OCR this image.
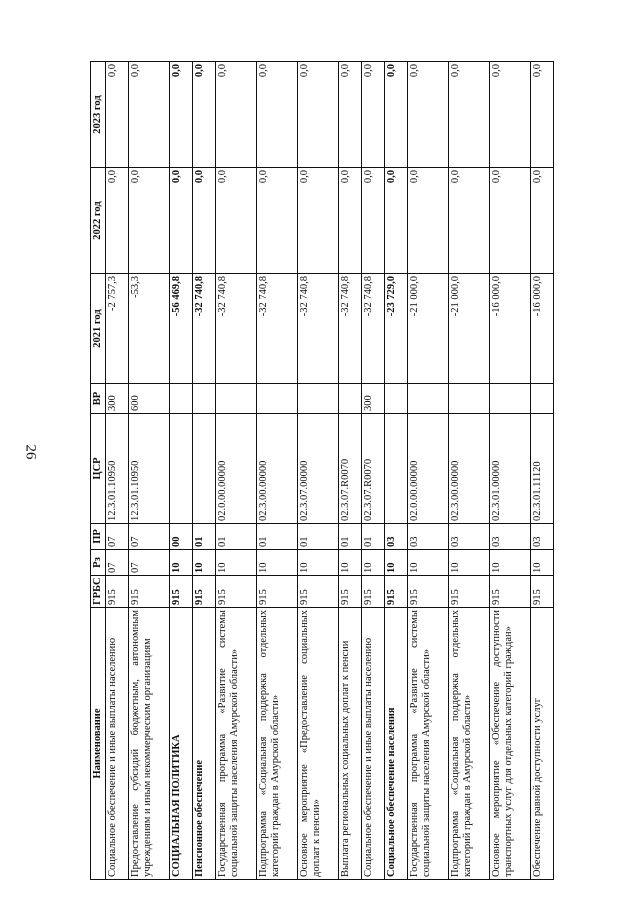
26
Наименование	ГРБС	Рз	ПР	ЦСР	ВР	2021 год	2022 год	2023 год
Социальное обеспечение и иные выплаты населению	915	07	07	12.3.01.10950	300	-2 757,3	0,0	0,0
Предоставление субсидий бюджетным, автономным учреждениям и иным некоммерческим организациям	915	07	07	12.3.01.10950	600	-53,3	0,0	0,0
СОЦИАЛЬНАЯ ПОЛИТИКА	915	10	00			-56 469,8	0,0	0,0
Пенсионное обеспечение	915	10	01			-32 740,8	0,0	0,0
Государственная программа «Развитие системы социальной защиты населения Амурской области»	915	10	01	02.0.00.00000		-32 740,8	0,0	0,0
Подпрограмма «Социальная поддержка отдельных категорий граждан в Амурской области»	915	10	01	02.3.00.00000		-32 740,8	0,0	0,0
Основное мероприятие «Предоставление социальных доплат к пенсии»	915	10	01	02.3.07.00000		-32 740,8	0,0	0,0
Выплата региональных социальных доплат к пенсии	915	10	01	02.3.07.R0070		-32 740,8	0,0	0,0
Социальное обеспечение и иные выплаты населению	915	10	01	02.3.07.R0070	300	-32 740,8	0,0	0,0
Социальное обеспечение населения	915	10	03			-23 729,0	0,0	0,0
Государственная программа «Развитие системы социальной защиты населения Амурской области»	915	10	03	02.0.00.00000		-21 000,0	0,0	0,0
Подпрограмма «Социальная поддержка отдельных категорий граждан в Амурской области»	915	10	03	02.3.00.00000		-21 000,0	0,0	0,0
Основное мероприятие «Обеспечение доступности транспортных услуг для отдельных категорий граждан»	915	10	03	02.3.01.00000		-16 000,0	0,0	0,0
Обеспечение равной доступности услуг	915	10	03	02.3.01.11120		-16 000,0	0,0	0,0
